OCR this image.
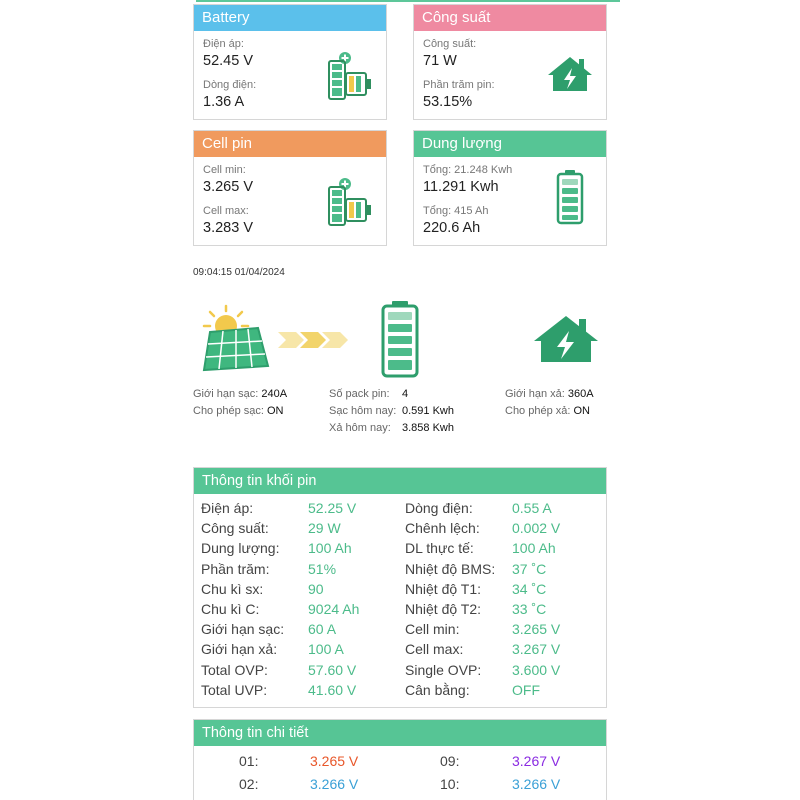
Battery
Điện áp:
52.45 V
Dòng điện:
1.36 A
Công suất
Công suất:
71 W
Phần trăm pin:
53.15%
Cell pin
Cell min:
3.265 V
Cell max:
3.283 V
Dung lượng
Tổng: 21.248 Kwh
11.291 Kwh
Tổng: 415 Ah
220.6 Ah
09:04:15 01/04/2024
Giới hạn sạc: 240A
Cho phép sạc: ON
Số pack pin: 4
Sạc hôm nay: 0.591 Kwh
Xả hôm nay: 3.858 Kwh
Giới hạn xả: 360A
Cho phép xả: ON
Thông tin khối pin
Điện áp:	52.25 V	Dòng điện:	0.55 A
Công suất:	29 W	Chênh lệch: 0.002 V
Dung lượng: 100 Ah	DL thực tế:	100 Ah
Phần trăm:	51%	Nhiệt độ BMS: 37 ˚C
Chu kì sx:	90	Nhiệt độ T1: 34 ˚C
Chu kì C:	9024 Ah	Nhiệt độ T2: 33 ˚C
Giới hạn sạc: 60 A	Cell min:	3.265 V
Giới hạn xả: 100 A	Cell max:	3.267 V
Total OVP:	57.60 V	Single OVP: 3.600 V
Total UVP:	41.60 V	Cân bằng:	OFF
Thông tin chi tiết
01:	3.265 V	09:	3.267 V
02:	3.266 V	10:	3.266 V
